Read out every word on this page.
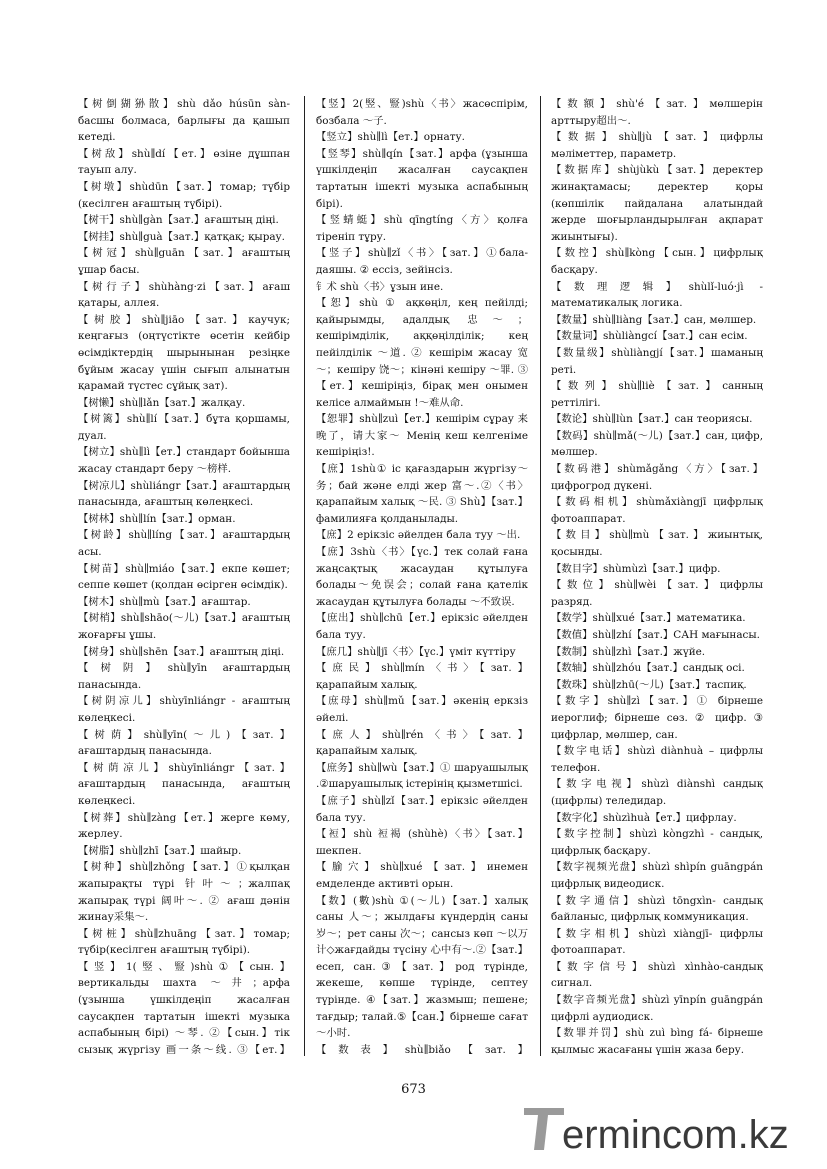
【树倒猢狲散】shù dǎo húsūn sàn- басшы болмаса, барлығы да қашып кетеді.

【树敌】shù∥dí【ет.】өзіне дұшпан тауып алу.

【树墩】shùdūn【зат.】томар; түбір (кесілген ағаштың түбірі).

【树干】shù∥gàn【зат.】ағаштың діңі.

【树挂】shù∥guà【зат.】қатқақ; қырау.

【树冠】shù∥guān【зат.】ағаштың ұшар басы.

【树行子】shùhàng·zi【зат.】ағаш қатары, аллея.

【树胶】shù∥jiāo【зат.】каучук; кеңгағыз (оңтүстікте өсетін кейбір өсімдіктердің шырынынан резіңке бұйым жасау үшін сығып алынатын қарамай түстес сұйық зат).

【树懒】shù∥lǎn【зат.】жалқау.

【树篱】shù∥lí【зат.】бұта қоршамы, дуал.

【树立】shù∥lì【ет.】стандарт бойынша жасау стандарт беру ～榜样.

【树凉儿】shùliángr【зат.】ағаштардың панасында, ағаштың көлеңкесі.

【树林】shù∥lín【зат.】орман.

【树龄】shù∥líng【зат.】ағаштардың асы.

【树苗】shù∥miáo【зат.】екпе көшет; сеппе көшет (қолдан өсірген өсімдік).

【树木】shù∥mù【зат.】ағаштар.

【树梢】shù∥shāo(～儿)【зат.】ағаштың жоғарғы ұшы.

【树身】shù∥shēn【зат.】ағаштың діңі.

【树阴】shù∥yīn ағаштардың панасында.

【树阴凉儿】shùyīnliángr - ағаштың көлеңкесі.

【树荫】shù∥yīn(～儿)【зат.】ағаштардың панасында.

【树荫凉儿】shùyīnliángr【зат.】ағаштардың панасында, ағаштың көлеңкесі.

【树葬】shù∥zàng【ет.】жерге көму, жерлеу.

【树脂】shù∥zhī【зат.】шайыр.

【树种】shù∥zhǒng【зат.】①қылқан жапырақты түрі 针叶～；жалпақ жапырақ түрі 阔叶～. ② ағаш дәнін жинау采集～.

【树桩】shù∥zhuāng【зат.】томар; түбір(кесілген ағаштың түбірі).

【竖】1(竪、豎)shù①【сын.】вертикальды шахта ～井；арфа (ұзынша үшкілдеңіп жасалған саусақпен тартатын ішекті музыка аспабының бірі) ～琴. ②【сын.】тік сызық жүргізу 画一条～线. ③【ет.】

【竖】2(竪、豎)shù〈书〉жасөспірім, бозбала ～子.

【竖立】shù∥lì【ет.】орнату.

【竖琴】shù∥qín【зат.】арфа (ұзынша үшкілдеңіп жасалған саусақпен тартатын ішекті музыка аспабының бірі).

【竖蜻蜓】shù qīngtíng〈方〉қолға тіреніп тұру.

【竖子】shù∥zǐ〈书〉【зат.】①бала-даяшы. ② ессіз, зейінсіз.

钅术 shù〈书〉ұзын ине.

【恕】shù ① ақкөңіл, кең пейілді; қайырымды, адалдық 忠～；кешірімділік, аққөңілділік; кең пейілділік ～道. ② кешірім жасау 宽～；кешіру 饶～；кінәні кешіру ～罪. ③【ет.】кешіріңіз, бірақ мен онымен келісе алмаймын !～难从命.

【恕罪】shù∥zuì【ет.】кешірім сұрау 来晚了，请大家～ Менің кеш келгеніме кешіріңіз!.

【庶】1shù① іс қағаздарын жүргізу～务；бай және елді жер 富～.②〈书〉қарапайым халық ～民. ③ Shù】【зат.】фамилияға қолданылады.

【庶】2 ерікзіс әйелден бала туу ～出.

【庶】3shù〈书〉【үс.】тек солай ғана жаңсақтық жасаудан құтылуға болады～免误会；солай ғана қателік жасаудан құтылуға болады ～不致误.

【庶出】shù∥chū【ет.】ерікзіс әйелден бала туу.

【庶几】shù∥jī〈书〉【үс.】үміт күттіру

【庶民】shù∥mín〈书〉【зат.】қарапайым халық.

【庶母】shù∥mǔ【зат.】әкенің еркзіз әйелі.

【庶人】shù∥rén〈书〉【зат.】қарапайым халық.

【庶务】shù∥wù【зат.】① шаруашылық .②шаруашылық істерінің қызметшісі.

【庶子】shù∥zǐ【зат.】ерікзіс әйелден бала туу.

【裋】shù 裋褐 (shùhè)〈书〉【зат.】шекпен.

【腧穴】shù∥xué【зат.】инемен емделенде активті орын.

【数】(數)shù ①(～儿)【зат.】халық саны 人～；жылдағы күндердің саны 岁～；рет саны 次～；сансыз көп ～以万计◇жағдайды түсіну 心中有～.②【зат.】есеп, сан.③【зат.】род түрінде, жекеше, көпше түрінде, септеу түрінде. ④【зат.】жазмыш; пешене; тағдыр; талай.⑤【сан.】бірнеше сағат ～小时.

【数表】shù∥biǎo【зат.】

【数额】shù'é【зат.】мөлшерін арттыру超出～.

【数据】shù∥jù【зат.】цифрлы мәліметтер, параметр.

【数据库】shùjùkù【зат.】деректер жинақтамасы; деректер қоры (көпшілік пайдалана алатындай жерде шоғырландырылған ақпарат жиынтығы).

【数控】shù∥kòng【сын.】цифрлық басқару.

【数理逻辑】shùlǐ-luó·jì - математикалық логика.

【数量】shù∥liàng【зат.】сан, мөлшер.

【数量词】shùliàngcí【зат.】сан есім.

【数量级】shùliàngjí【зат.】шаманың реті.

【数列】shù∥liè【зат.】санның реттілігі.

【数论】shù∥lùn【зат.】сан теориясы.

【数码】shù∥mǎ(～儿)【зат.】сан, цифр, мөлшер.

【数码港】shùmǎgǎng〈方〉【зат.】цифрогрод дүкені.

【数码相机】shùmǎxiàngjī цифрлық фотоаппарат.

【数目】shù∥mù【зат.】жиынтық, қосынды.

【数目字】shùmùzì【зат.】цифр.

【数位】shù∥wèi【зат.】цифрлы разряд.

【数学】shù∥xué【зат.】математика.

【数值】shù∥zhí【зат.】САН мағынасы.

【数制】shù∥zhì【зат.】жүйе.

【数轴】shù∥zhóu【зат.】сандық осі.

【数珠】shù∥zhū(～儿)【зат.】таспиқ.

【数字】shù∥zì【зат.】① бірнеше иероглиф; бірнеше сөз. ② цифр. ③ цифрлар, мөлшер, сан.

【数字电话】shùzì diànhuà – цифрлы телефон.

【数字电视】shùzì diànshì сандық (цифрлы) теледидар.

【数字化】shùzìhuà【ет.】цифрлау.

【数字控制】shùzì kòngzhì - сандық, цифрлық басқару.

【数字视频光盘】shùzì shìpín guāngpán цифрлық видеодиск.

【数字通信】shùzì tōngxìn- сандық байланыс, цифрлық коммуникация.

【数字相机】shùzì xiàngjī- цифрлы фотоаппарат.

【数字信号】shùzì xìnhào-сандық сигнал.

【数字音频光盘】shùzì yīnpín guāngpán цифрлі аудиодиск.

【数罪并罚】shù zuì bìng fá- бірнеше қылмыс жасағаны үшін жаза беру.

673
ermincom.kz
